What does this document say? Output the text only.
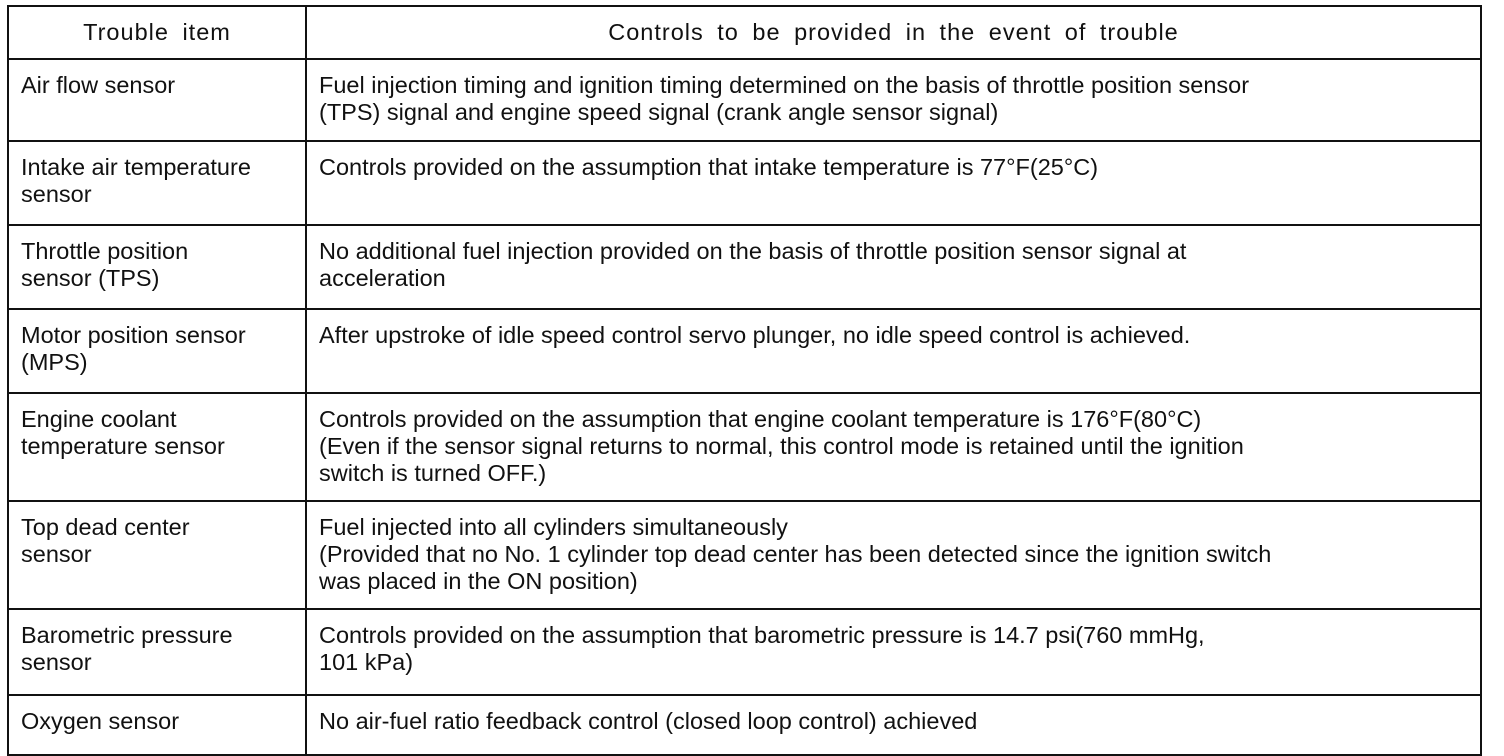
Trouble item	Controls to be provided in the event of trouble

Air flow sensor	Fuel injection timing and ignition timing determined on the basis of throttle position sensor
(TPS) signal and engine speed signal (crank angle sensor signal)

Intake air temperature
sensor	Controls provided on the assumption that intake temperature is 77°F(25°C)

Throttle position
sensor (TPS)	No additional fuel injection provided on the basis of throttle position sensor signal at
acceleration

Motor position sensor
(MPS)	After upstroke of idle speed control servo plunger, no idle speed control is achieved.

Engine coolant
temperature sensor	Controls provided on the assumption that engine coolant temperature is 176°F(80°C)
(Even if the sensor signal returns to normal, this control mode is retained until the ignition
switch is turned OFF.)

Top dead center
sensor	Fuel injected into all cylinders simultaneously
(Provided that no No. 1 cylinder top dead center has been detected since the ignition switch
was placed in the ON position)

Barometric pressure
sensor	Controls provided on the assumption that barometric pressure is 14.7 psi(760 mmHg,
101 kPa)

Oxygen sensor	No air-fuel ratio feedback control (closed loop control) achieved
